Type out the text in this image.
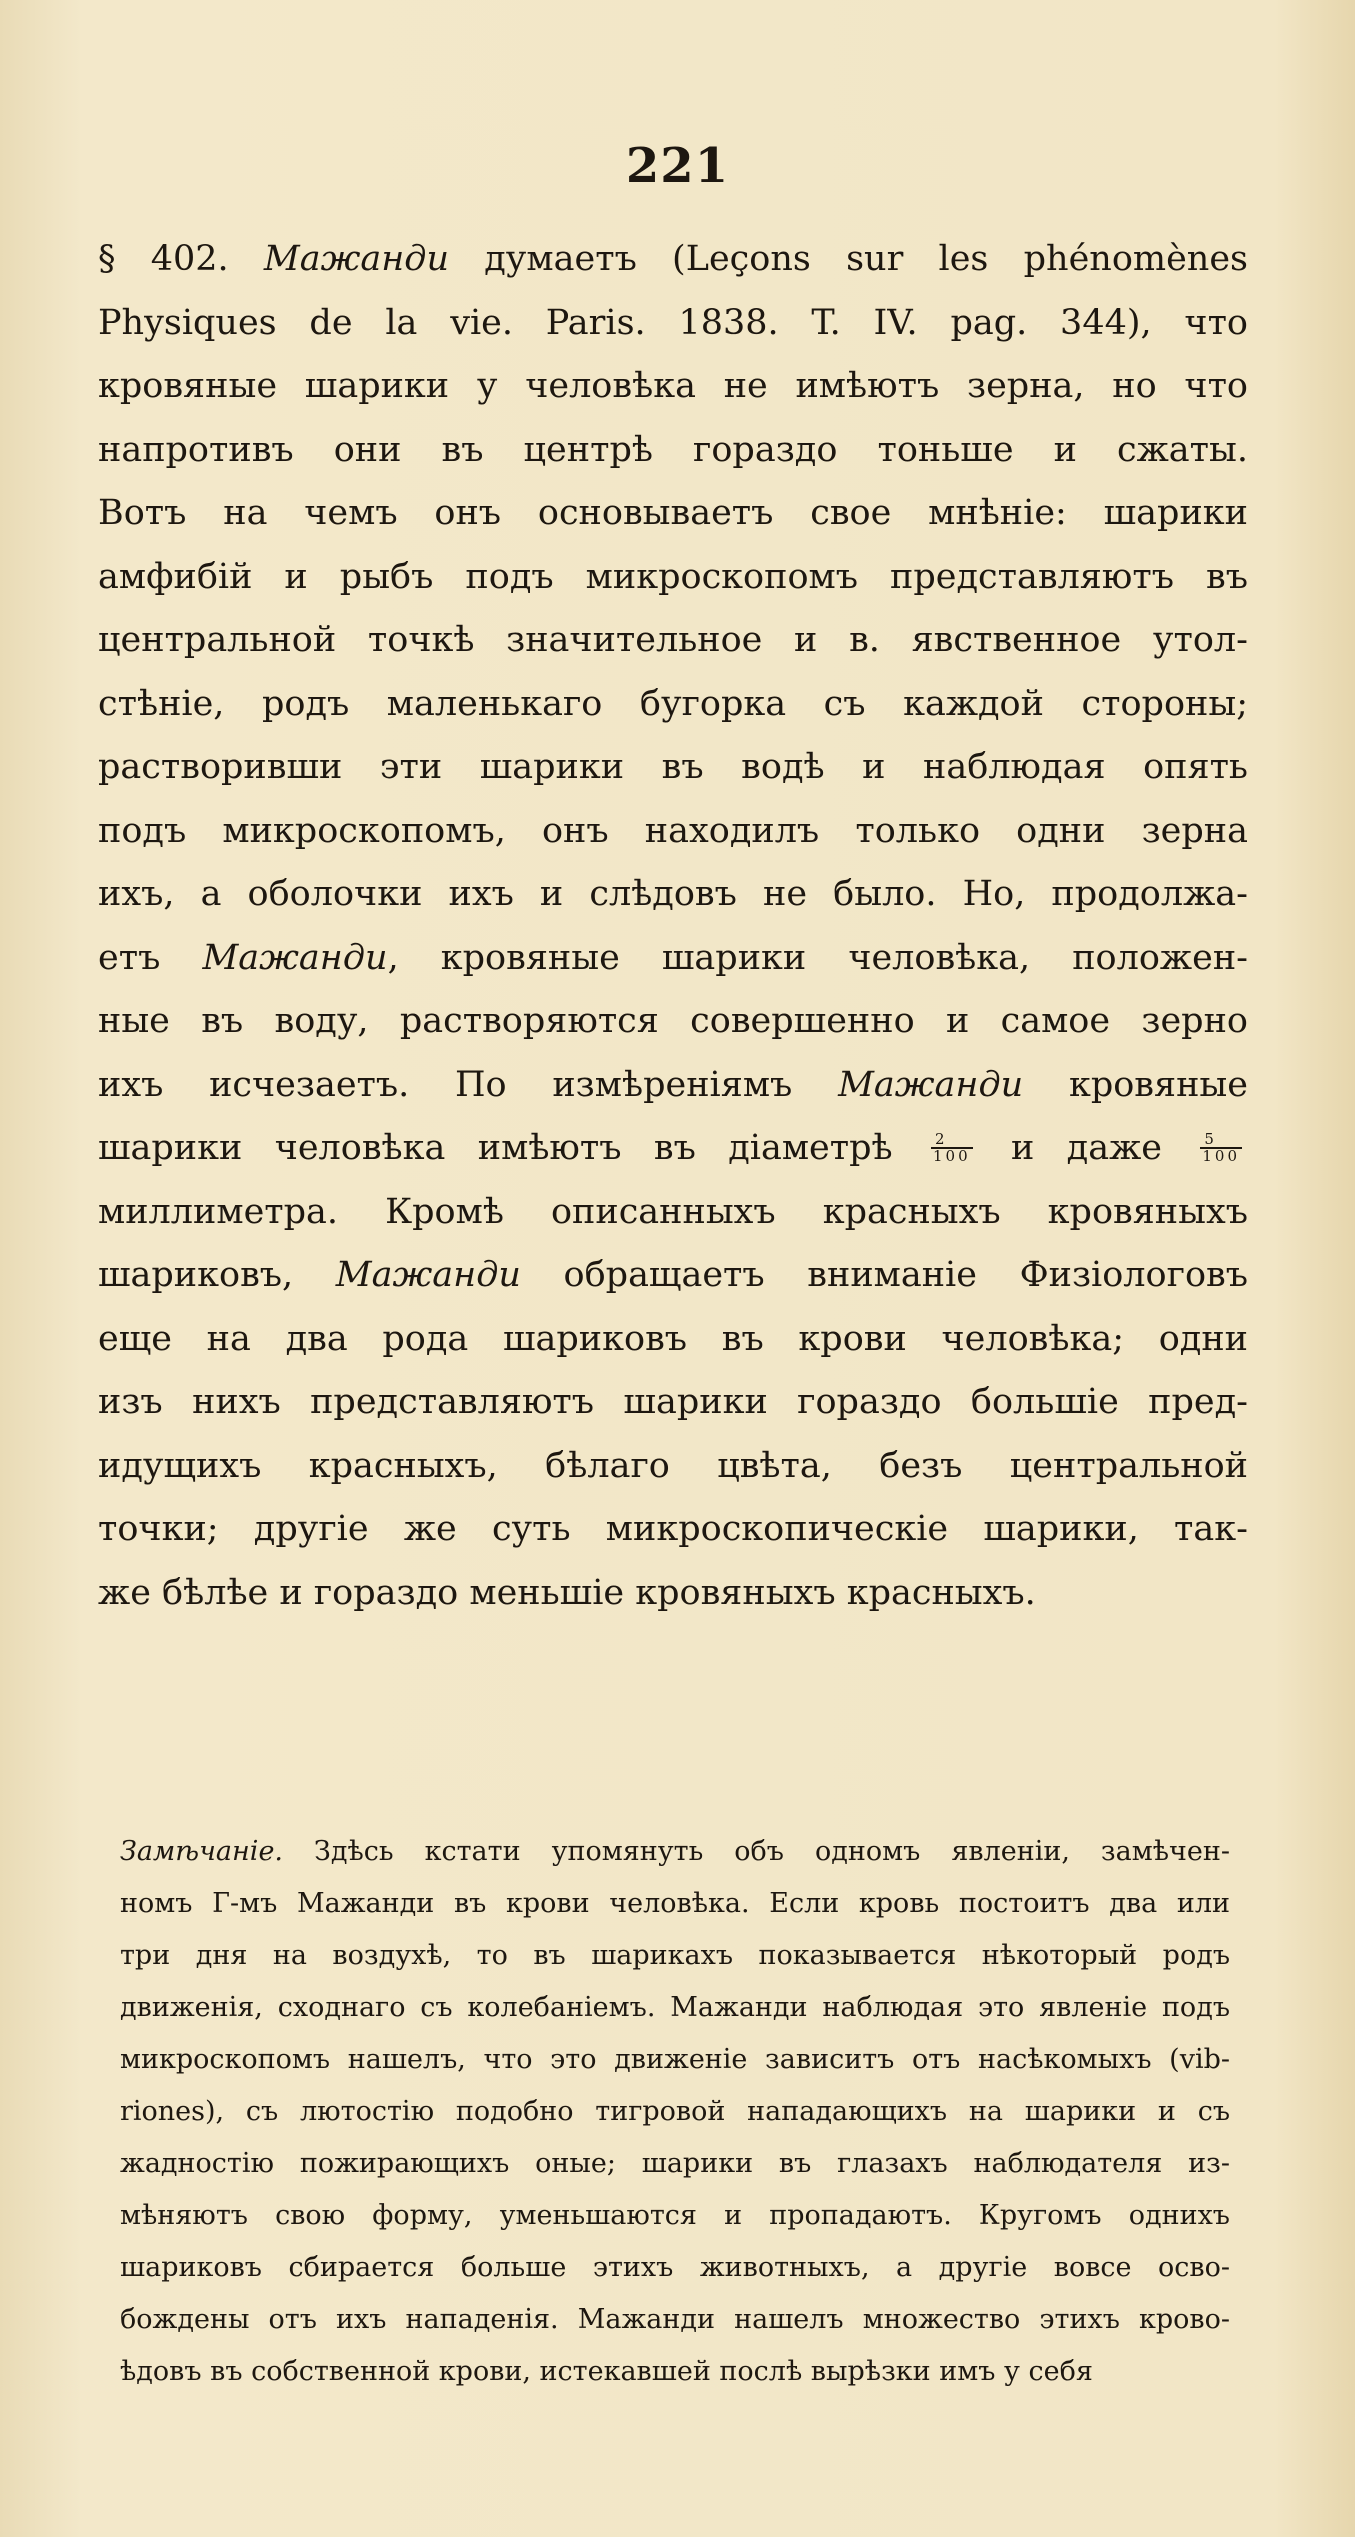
221
§ 402. Мажанди думаетъ (Leçons sur les phénomènes
Physiques de la vie. Paris. 1838. T. IV. pag. 344), что
кровяные шарики у человѣка не имѣютъ зерна, но что
напротивъ они въ центрѣ гораздо тоньше и сжаты.
Вотъ на чемъ онъ основываетъ свое мнѣніе: шарики
амфибій и рыбъ подъ микроскопомъ представляютъ въ
центральной точкѣ значительное и в. явственное утол-
стѣніе, родъ маленькаго бугорка съ каждой стороны;
растворивши эти шарики въ водѣ и наблюдая опять
подъ микроскопомъ, онъ находилъ только одни зерна
ихъ, а оболочки ихъ и слѣдовъ не было. Но, продолжа-
етъ Мажанди, кровяные шарики человѣка, положен-
ные въ воду, растворяются совершенно и самое зерно
ихъ исчезаетъ. По измѣреніямъ Мажанди кровяные
шарики человѣка имѣютъ въ діаметрѣ $\frac{2}{100}$ и даже $\frac{5}{100}$
миллиметра. Кромѣ описанныхъ красныхъ кровяныхъ
шариковъ, Мажанди обращаетъ вниманіе Физіологовъ
еще на два рода шариковъ въ крови человѣка; одни
изъ нихъ представляютъ шарики гораздо большіе пред-
идущихъ красныхъ, бѣлаго цвѣта, безъ центральной
точки; другіе же суть микроскопическіе шарики, так-
же бѣлѣе и гораздо меньшіе кровяныхъ красныхъ.
Замѣчаніе. Здѣсь кстати упомянуть объ одномъ явленіи, замѣчен-
номъ Г-мъ Мажанди въ крови человѣка. Если кровь постоитъ два или
три дня на воздухѣ, то въ шарикахъ показывается нѣкоторый родъ
движенія, сходнаго съ колебаніемъ. Мажанди наблюдая это явленіе подъ
микроскопомъ нашелъ, что это движеніе зависитъ отъ насѣкомыхъ (vib-
riones), съ лютостію подобно тигровой нападающихъ на шарики и съ
жадностію пожирающихъ оные; шарики въ глазахъ наблюдателя из-
мѣняютъ свою форму, уменьшаются и пропадаютъ. Кругомъ однихъ
шариковъ сбирается больше этихъ животныхъ, а другіе вовсе осво-
бождены отъ ихъ нападенія. Мажанди нашелъ множество этихъ крово-
ѣдовъ въ собственной крови, истекавшей послѣ вырѣзки имъ у себя
